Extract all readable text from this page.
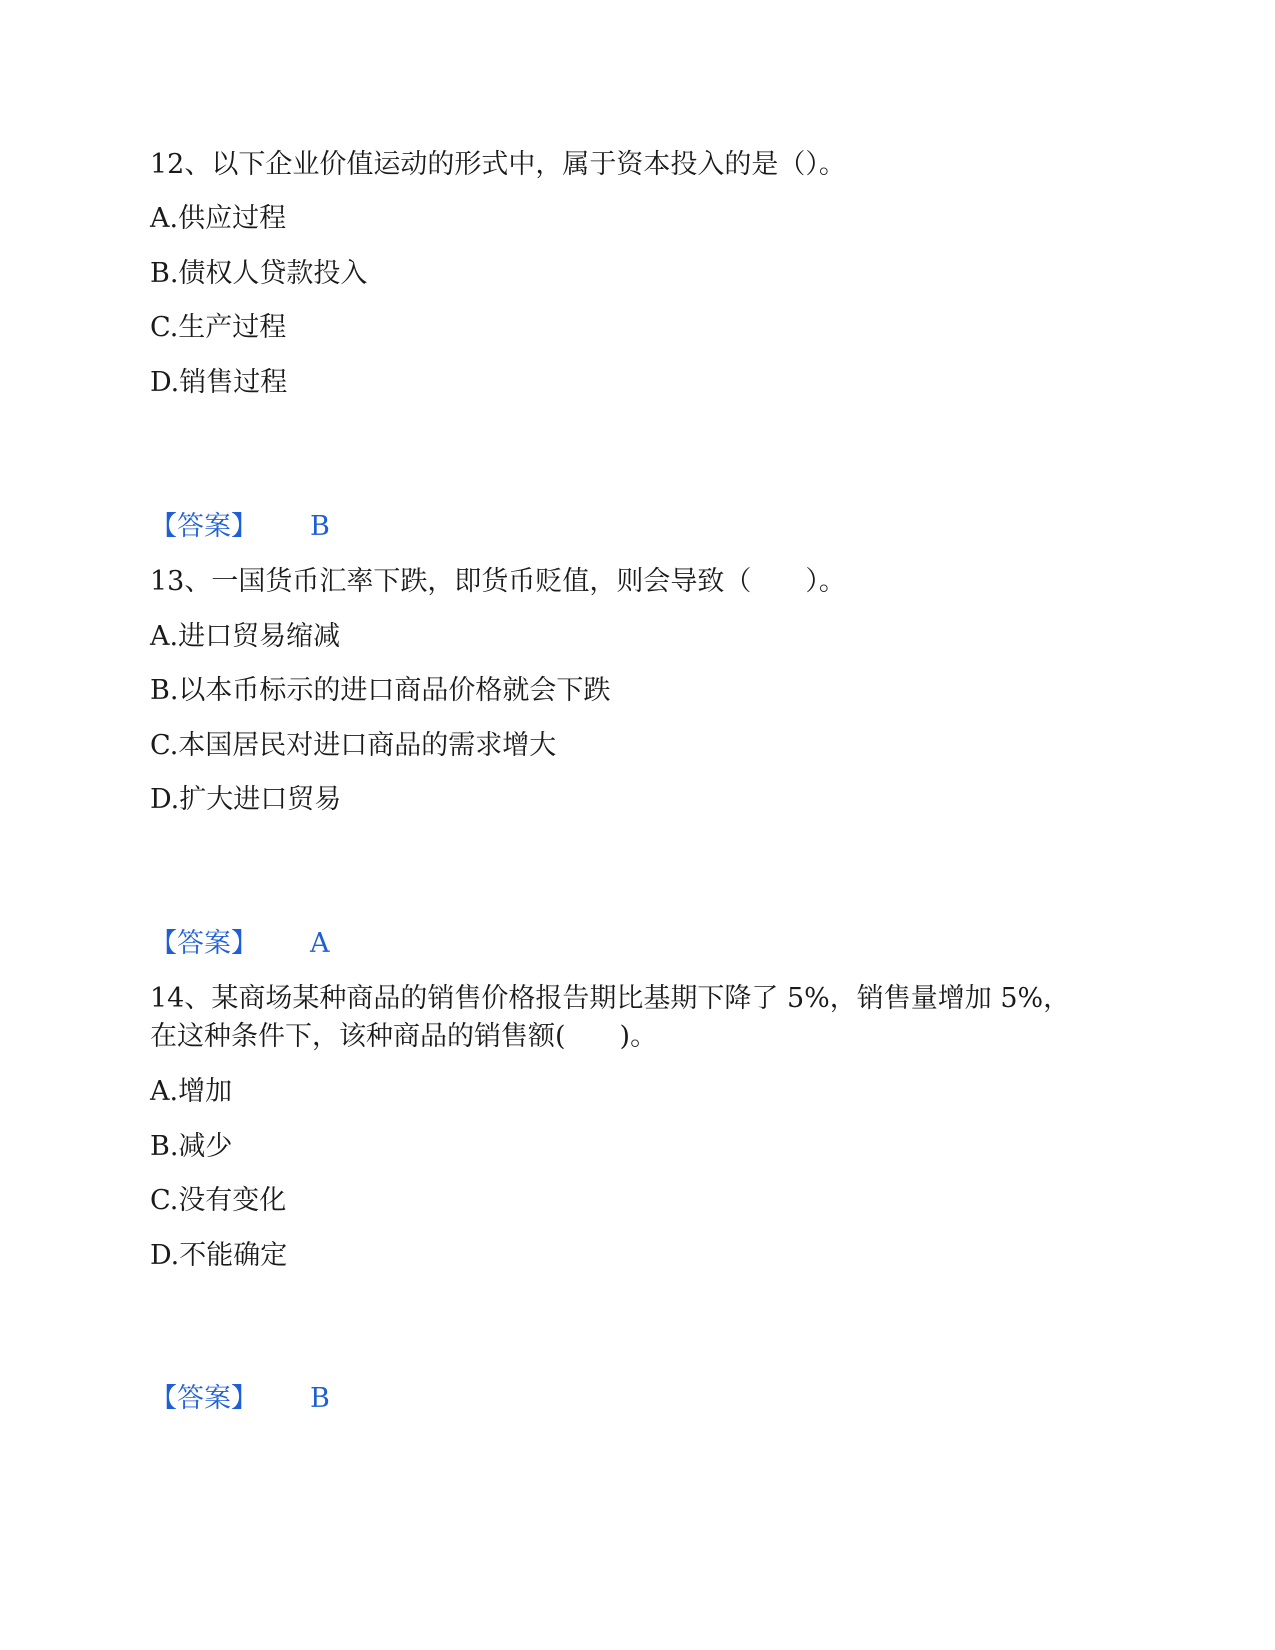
12、以下企业价值运动的形式中，属于资本投入的是（）。

A.供应过程

B.债权人贷款投入

C.生产过程

D.销售过程

【答案】 B

13、一国货币汇率下跌，即货币贬值，则会导致（　　）。

A.进口贸易缩减

B.以本币标示的进口商品价格就会下跌

C.本国居民对进口商品的需求增大

D.扩大进口贸易

【答案】 A

14、某商场某种商品的销售价格报告期比基期下降了 5%，销售量增加 5%，

在这种条件下，该种商品的销售额(　　)。

A.增加

B.减少

C.没有变化

D.不能确定

【答案】 B
